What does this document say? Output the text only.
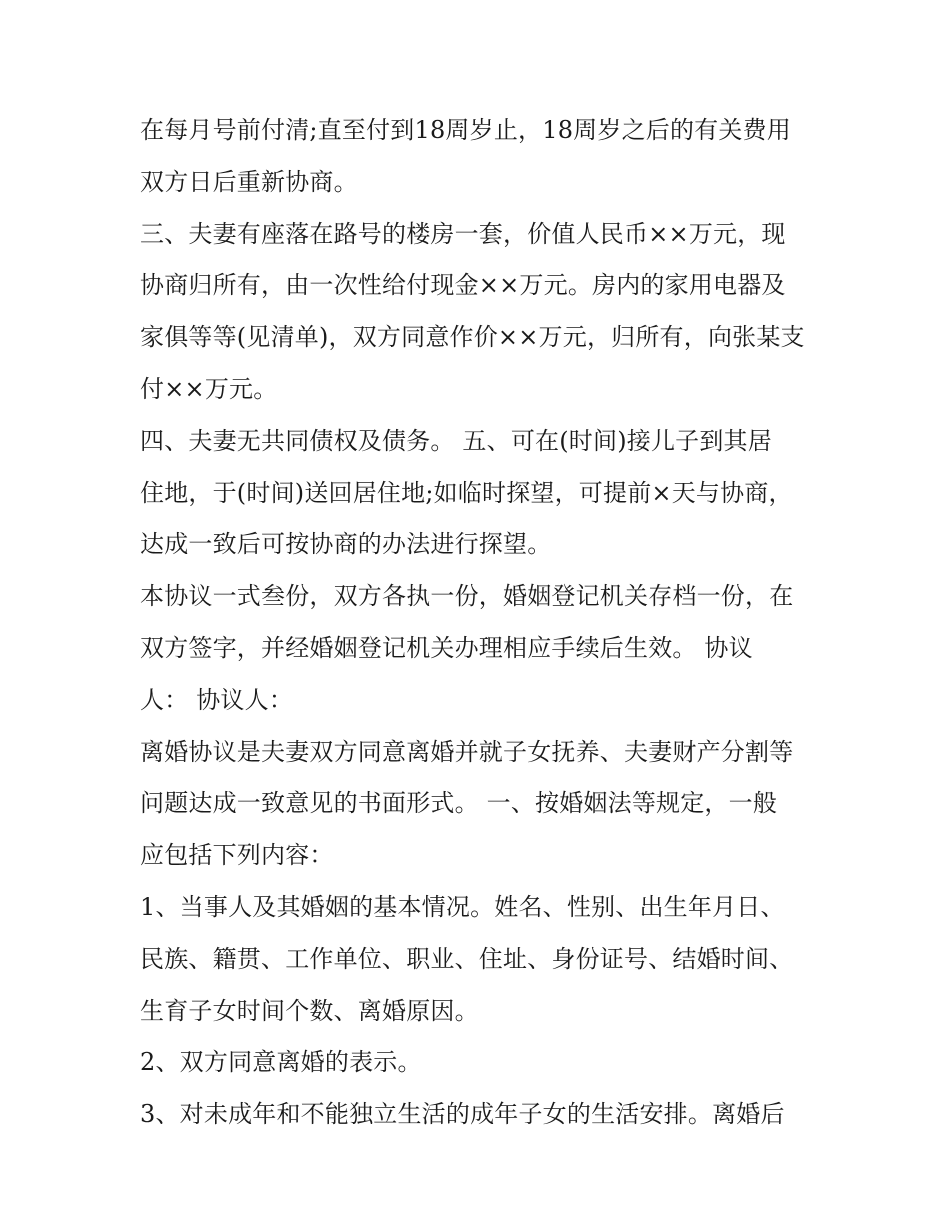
在每月号前付清;直至付到18周岁止，18周岁之后的有关费用
双方日后重新协商。
三、夫妻有座落在路号的楼房一套，价值人民币××万元，现
协商归所有，由一次性给付现金××万元。房内的家用电器及
家俱等等(见清单)，双方同意作价××万元，归所有，向张某支
付××万元。
四、夫妻无共同债权及债务。 五、可在(时间)接儿子到其居
住地，于(时间)送回居住地;如临时探望，可提前×天与协商，
达成一致后可按协商的办法进行探望。
本协议一式叁份，双方各执一份，婚姻登记机关存档一份，在
双方签字，并经婚姻登记机关办理相应手续后生效。 协议
人： 协议人：
离婚协议是夫妻双方同意离婚并就子女抚养、夫妻财产分割等
问题达成一致意见的书面形式。 一、按婚姻法等规定，一般
应包括下列内容：
1、当事人及其婚姻的基本情况。姓名、性别、出生年月日、
民族、籍贯、工作单位、职业、住址、身份证号、结婚时间、
生育子女时间个数、离婚原因。
2、双方同意离婚的表示。
3、对未成年和不能独立生活的成年子女的生活安排。离婚后
